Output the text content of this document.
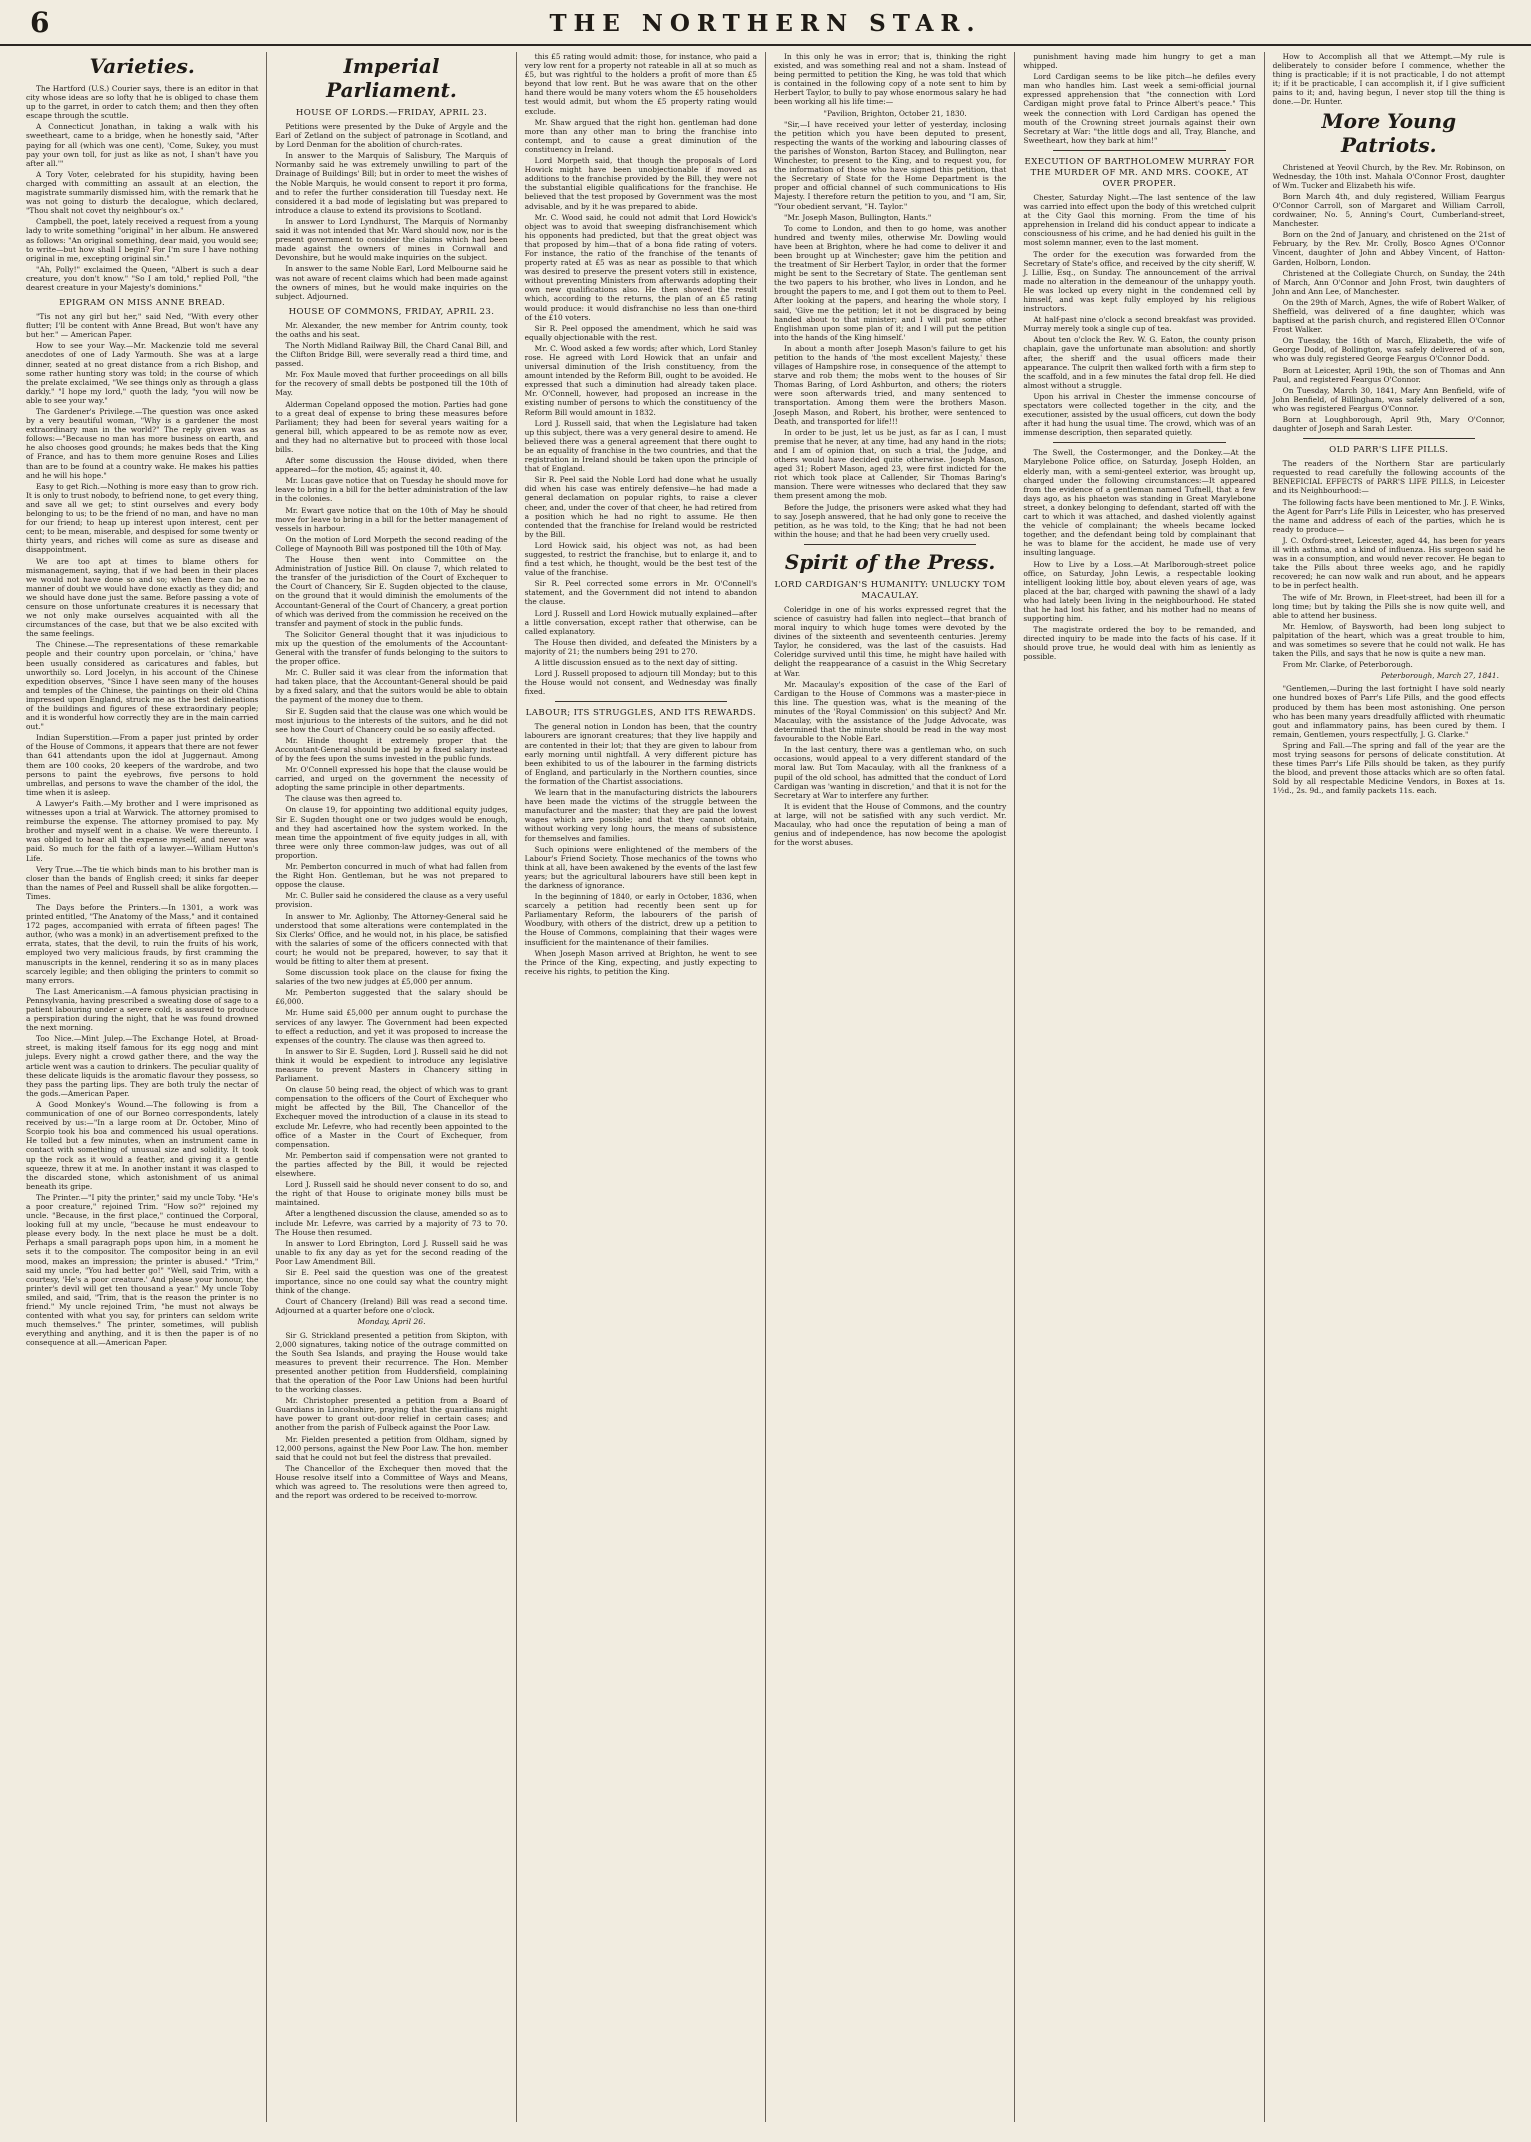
6	THE NORTHERN STAR.
Varieties.
The Hartford (U.S.) Courier says, there is an editor in that city whose ideas are so lofty that he is obliged to chase them up to the garret, in order to catch them; and then they often escape through the scuttle.
A Connecticut Jonathan, in taking a walk with his sweetheart, came to a bridge, when he honestly said, "After paying for all (which was one cent), 'Come, Sukey, you must pay your own toll, for just as like as not, I shan't have you after all.'"
A Tory Voter, celebrated for his stupidity, having been charged with committing an assault at an election, the magistrate summarily dismissed him, with the remark that he was not going to disturb the decalogue, which declared, "Thou shalt not covet thy neighbour's ox."
Campbell, the poet, lately received a request from a young lady to write something "original" in her album. He answered as follows: "An original something, dear maid, you would see; to write—but how shall I begin? For I'm sure I have nothing original in me, excepting original sin."
"Ah, Polly!" exclaimed the Queen, "Albert is such a dear creature, you don't know." "So I am told," replied Poll, "the dearest creature in your Majesty's dominions."
EPIGRAM ON MISS ANNE BREAD.
"Tis not any girl but her," said Ned, "With every other flutter; I'll be content with Anne Bread, But won't have any but her." — American Paper.
How to see your Way.—Mr. Mackenzie told me several anecdotes of one of Lady Yarmouth. She was at a large dinner, seated at no great distance from a rich Bishop, and some rather hunting story was told; in the course of which the prelate exclaimed, "We see things only as through a glass darkly." "I hope my lord," quoth the lady, "you will now be able to see your way."
The Gardener's Privilege.—The question was once asked by a very beautiful woman, "Why is a gardener the most extraordinary man in the world?" The reply given was as follows:—"Because no man has more business on earth, and he also chooses good grounds; he makes beds that the King of France, and has to them more genuine Roses and Lilies than are to be found at a country wake. He makes his patties and he will his hope."
Easy to get Rich.—Nothing is more easy than to grow rich. It is only to trust nobody, to befriend none, to get every thing, and save all we get; to stint ourselves and every body belonging to us; to be the friend of no man, and have no man for our friend; to heap up interest upon interest, cent per cent; to be mean, miserable, and despised for some twenty or thirty years, and riches will come as sure as disease and disappointment.
We are too apt at times to blame others for mismanagement, saying, that if we had been in their places we would not have done so and so; when there can be no manner of doubt we would have done exactly as they did; and we should have done just the same. Before passing a vote of censure on those unfortunate creatures it is necessary that we not only make ourselves acquainted with all the circumstances of the case, but that we be also excited with the same feelings.
The Chinese.—The representations of these remarkable people and their country upon porcelain, or 'china,' have been usually considered as caricatures and fables, but unworthily so. Lord Jocelyn, in his account of the Chinese expedition observes, "Since I have seen many of the houses and temples of the Chinese, the paintings on their old China impressed upon England, struck me as the best delineations of the buildings and figures of these extraordinary people; and it is wonderful how correctly they are in the main carried out."
Indian Superstition.—From a paper just printed by order of the House of Commons, it appears that there are not fewer than 641 attendants upon the idol at Juggernaut. Among them are 100 cooks, 20 keepers of the wardrobe, and two persons to paint the eyebrows, five persons to hold umbrellas, and persons to wave the chamber of the idol, the time when it is asleep.
A Lawyer's Faith.—My brother and I were imprisoned as witnesses upon a trial at Warwick. The attorney promised to reimburse the expense. The attorney promised to pay. My brother and myself went in a chaise. We were thereunto. I was obliged to hear all the expense myself, and never was paid. So much for the faith of a lawyer.—William Hutton's Life.
Very True.—The tie which binds man to his brother man is closer than the bands of English creed; it sinks far deeper than the names of Peel and Russell shall be alike forgotten.—Times.
The Days before the Printers.—In 1301, a work was printed entitled, "The Anatomy of the Mass," and it contained 172 pages, accompanied with errata of fifteen pages! The author, (who was a monk) in an advertisement prefixed to the errata, states, that the devil, to ruin the fruits of his work, employed two very malicious frauds, by first cramming the manuscripts in the kennel, rendering it so as in many places scarcely legible; and then obliging the printers to commit so many errors.
The Last Americanism.—A famous physician practising in Pennsylvania, having prescribed a sweating dose of sage to a patient labouring under a severe cold, is assured to produce a perspiration during the night, that he was found drowned the next morning.
Too Nice.—Mint Julep.—The Exchange Hotel, at Broad-street, is making itself famous for its egg nogg and mint juleps. Every night a crowd gather there, and the way the article went was a caution to drinkers. The peculiar quality of these delicate liquids is the aromatic flavour they possess, so they pass the parting lips. They are both truly the nectar of the gods.—American Paper.
A Good Monkey's Wound.—The following is from a communication of one of our Borneo correspondents, lately received by us:—"In a large room at Dr. October, Mino of Scorpio took his boa and commenced his usual operations. He tolled but a few minutes, when an instrument came in contact with something of unusual size and solidity. It took up the rock as it would a feather, and giving it a gentle squeeze, threw it at me. In another instant it was clasped to the discarded stone, which astonishment of us animal beneath its gripe.
The Printer.—"I pity the printer," said my uncle Toby. "He's a poor creature," rejoined Trim. "How so?" rejoined my uncle. "Because, in the first place," continued the Corporal, looking full at my uncle, "because he must endeavour to please every body. In the next place he must be a dolt. Perhaps a small paragraph pops upon him, in a moment he sets it to the compositor. The compositor being in an evil mood, makes an impression; the printer is abused." "Trim," said my uncle, "You had better go!" "Well, said Trim, with a courtesy, 'He's a poor creature.' And please your honour, the printer's devil will get ten thousand a year." My uncle Toby smiled, and said, "Trim, that is the reason the printer is no friend." My uncle rejoined Trim, "he must not always be contented with what you say, for printers can seldom write much themselves." The printer, sometimes, will publish everything and anything, and it is then the paper is of no consequence at all.—American Paper.
Imperial Parliament.
HOUSE OF LORDS.—FRIDAY, APRIL 23.
Petitions were presented by the Duke of Argyle and the Earl of Zetland on the subject of patronage in Scotland, and by Lord Denman for the abolition of church-rates.
In answer to the Marquis of Salisbury, The Marquis of Normanby said he was extremely unwilling to part of the Drainage of Buildings' Bill; but in order to meet the wishes of the Noble Marquis, he would consent to report it pro forma, and to refer the further consideration till Tuesday next. He considered it a bad mode of legislating but was prepared to introduce a clause to extend its provisions to Scotland.
In answer to Lord Lyndhurst, The Marquis of Normanby said it was not intended that Mr. Ward should now, nor is the present government to consider the claims which had been made against the owners of mines in Cornwall and Devonshire, but he would make inquiries on the subject.
In answer to the same Noble Earl, Lord Melbourne said he was not aware of recent claims which had been made against the owners of mines, but he would make inquiries on the subject. Adjourned.
HOUSE OF COMMONS, FRIDAY, APRIL 23.
Mr. Alexander, the new member for Antrim county, took the oaths and his seat.
The North Midland Railway Bill, the Chard Canal Bill, and the Clifton Bridge Bill, were severally read a third time, and passed.
Mr. Fox Maule moved that further proceedings on all bills for the recovery of small debts be postponed till the 10th of May.
Alderman Copeland opposed the motion. Parties had gone to a great deal of expense to bring these measures before Parliament; they had been for several years waiting for a general bill, which appeared to be as remote now as ever, and they had no alternative but to proceed with those local bills.
After some discussion the House divided, when there appeared—for the motion, 45; against it, 40.
Mr. Lucas gave notice that on Tuesday he should move for leave to bring in a bill for the better administration of the law in the colonies.
Mr. Ewart gave notice that on the 10th of May he should move for leave to bring in a bill for the better management of vessels in harbour.
On the motion of Lord Morpeth the second reading of the College of Maynooth Bill was postponed till the 10th of May.
The House then went into Committee on the Administration of Justice Bill. On clause 7, which related to the transfer of the jurisdiction of the Court of Exchequer to the Court of Chancery, Sir E. Sugden objected to the clause, on the ground that it would diminish the emoluments of the Accountant-General of the Court of Chancery, a great portion of which was derived from the commission he received on the transfer and payment of stock in the public funds.
The Solicitor General thought that it was injudicious to mix up the question of the emoluments of the Accountant-General with the transfer of funds belonging to the suitors to the proper office.
Mr. C. Buller said it was clear from the information that had taken place, that the Accountant-General should be paid by a fixed salary, and that the suitors would be able to obtain the payment of the money due to them.
Sir E. Sugden said that the clause was one which would be most injurious to the interests of the suitors, and he did not see how the Court of Chancery could be so easily affected.
Mr. Hinde thought it extremely proper that the Accountant-General should be paid by a fixed salary instead of by the fees upon the sums invested in the public funds.
Mr. O'Connell expressed his hope that the clause would be carried, and urged on the government the necessity of adopting the same principle in other departments.
The clause was then agreed to.
On clause 19, for appointing two additional equity judges, Sir E. Sugden thought one or two judges would be enough, and they had ascertained how the system worked. In the mean time the appointment of five equity judges in all, with three were only three common-law judges, was out of all proportion.
Mr. Pemberton concurred in much of what had fallen from the Right Hon. Gentleman, but he was not prepared to oppose the clause.
Mr. C. Buller said he considered the clause as a very useful provision.
In answer to Mr. Aglionby, The Attorney-General said he understood that some alterations were contemplated in the Six Clerks' Office, and he would not, in his place, be satisfied with the salaries of some of the officers connected with that court; he would not be prepared, however, to say that it would be fitting to alter them at present.
Some discussion took place on the clause for fixing the salaries of the two new judges at £5,000 per annum.
Mr. Pemberton suggested that the salary should be £6,000.
Mr. Hume said £5,000 per annum ought to purchase the services of any lawyer. The Government had been expected to effect a reduction, and yet it was proposed to increase the expenses of the country. The clause was then agreed to.
In answer to Sir E. Sugden, Lord J. Russell said he did not think it would be expedient to introduce any legislative measure to prevent Masters in Chancery sitting in Parliament.
On clause 50 being read, the object of which was to grant compensation to the officers of the Court of Exchequer who might be affected by the Bill, The Chancellor of the Exchequer moved the introduction of a clause in its stead to exclude Mr. Lefevre, who had recently been appointed to the office of a Master in the Court of Exchequer, from compensation.
Mr. Pemberton said if compensation were not granted to the parties affected by the Bill, it would be rejected elsewhere.
Lord J. Russell said he should never consent to do so, and the right of that House to originate money bills must be maintained.
After a lengthened discussion the clause, amended so as to include Mr. Lefevre, was carried by a majority of 73 to 70. The House then resumed.
In answer to Lord Ebrington, Lord J. Russell said he was unable to fix any day as yet for the second reading of the Poor Law Amendment Bill.
Sir E. Peel said the question was one of the greatest importance, since no one could say what the country might think of the change.
Court of Chancery (Ireland) Bill was read a second time. Adjourned at a quarter before one o'clock.
Monday, April 26.
Sir G. Strickland presented a petition from Skipton, with 2,000 signatures, taking notice of the outrage committed on the South Sea Islands, and praying the House would take measures to prevent their recurrence. The Hon. Member presented another petition from Huddersfield, complaining that the operation of the Poor Law Unions had been hurtful to the working classes.
Mr. Christopher presented a petition from a Board of Guardians in Lincolnshire, praying that the guardians might have power to grant out-door relief in certain cases; and another from the parish of Fulbeck against the Poor Law.
Mr. Fielden presented a petition from Oldham, signed by 12,000 persons, against the New Poor Law. The hon. member said that he could not but feel the distress that prevailed.
The Chancellor of the Exchequer then moved that the House resolve itself into a Committee of Ways and Means, which was agreed to. The resolutions were then agreed to, and the report was ordered to be received to-morrow.
this £5 rating would admit: those, for instance, who paid a very low rent for a property not rateable in all at so much as £5, but was rightful to the holders a profit of more than £5 beyond that low rent. But he was aware that on the other hand there would be many voters whom the £5 householders test would admit, but whom the £5 property rating would exclude.
Mr. Shaw argued that the right hon. gentleman had done more than any other man to bring the franchise into contempt, and to cause a great diminution of the constituency in Ireland.
Lord Morpeth said, that though the proposals of Lord Howick might have been unobjectionable if moved as additions to the franchise provided by the Bill, they were not the substantial eligible qualifications for the franchise. He believed that the test proposed by Government was the most advisable, and by it he was prepared to abide.
Mr. C. Wood said, he could not admit that Lord Howick's object was to avoid that sweeping disfranchisement which his opponents had predicted, but that the great object was that proposed by him—that of a bona fide rating of voters. For instance, the ratio of the franchise of the tenants of property rated at £5 was as near as possible to that which was desired to preserve the present voters still in existence, without preventing Ministers from afterwards adopting their own new qualifications also. He then showed the result which, according to the returns, the plan of an £5 rating would produce: it would disfranchise no less than one-third of the £10 voters.
Sir R. Peel opposed the amendment, which he said was equally objectionable with the rest.
Mr. C. Wood asked a few words; after which, Lord Stanley rose. He agreed with Lord Howick that an unfair and universal diminution of the Irish constituency, from the amount intended by the Reform Bill, ought to be avoided. He expressed that such a diminution had already taken place. Mr. O'Connell, however, had proposed an increase in the existing number of persons to which the constituency of the Reform Bill would amount in 1832.
Lord J. Russell said, that when the Legislature had taken up this subject, there was a very general desire to amend. He believed there was a general agreement that there ought to be an equality of franchise in the two countries, and that the registration in Ireland should be taken upon the principle of that of England.
Sir R. Peel said the Noble Lord had done what he usually did when his case was entirely defensive—he had made a general declamation on popular rights, to raise a clever cheer, and, under the cover of that cheer, he had retired from a position which he had no right to assume. He then contended that the franchise for Ireland would be restricted by the Bill.
Lord Howick said, his object was not, as had been suggested, to restrict the franchise, but to enlarge it, and to find a test which, he thought, would be the best test of the value of the franchise.
Sir R. Peel corrected some errors in Mr. O'Connell's statement, and the Government did not intend to abandon the clause.
Lord J. Russell and Lord Howick mutually explained—after a little conversation, except rather that otherwise, can be called explanatory.
The House then divided, and defeated the Ministers by a majority of 21; the numbers being 291 to 270.
A little discussion ensued as to the next day of sitting.
Lord J. Russell proposed to adjourn till Monday; but to this the House would not consent, and Wednesday was finally fixed.
LABOUR; ITS STRUGGLES, AND ITS REWARDS.
The general notion in London has been, that the country labourers are ignorant creatures; that they live happily and are contented in their lot; that they are given to labour from early morning until nightfall. A very different picture has been exhibited to us of the labourer in the farming districts of England, and particularly in the Northern counties, since the formation of the Chartist associations.
We learn that in the manufacturing districts the labourers have been made the victims of the struggle between the manufacturer and the master; that they are paid the lowest wages which are possible; and that they cannot obtain, without working very long hours, the means of subsistence for themselves and families.
Such opinions were enlightened of the members of the Labour's Friend Society. Those mechanics of the towns who think at all, have been awakened by the events of the last few years; but the agricultural labourers have still been kept in the darkness of ignorance.
In the beginning of 1840, or early in October, 1836, when scarcely a petition had recently been sent up for Parliamentary Reform, the labourers of the parish of Woodbury, with others of the district, drew up a petition to the House of Commons, complaining that their wages were insufficient for the maintenance of their families.
When Joseph Mason arrived at Brighton, he went to see the Prince of the King, expecting, and justly expecting to receive his rights, to petition the King.
In this only he was in error; that is, thinking the right existed, and was something real and not a sham. Instead of being permitted to petition the King, he was told that which is contained in the following copy of a note sent to him by Herbert Taylor, to bully to pay whose enormous salary he had been working all his life time:—
"Pavilion, Brighton, October 21, 1830.
"Sir,—I have received your letter of yesterday, inclosing the petition which you have been deputed to present, respecting the wants of the working and labouring classes of the parishes of Wonston, Barton Stacey, and Bullington, near Winchester, to present to the King, and to request you, for the information of those who have signed this petition, that the Secretary of State for the Home Department is the proper and official channel of such communications to His Majesty. I therefore return the petition to you, and "I am, Sir, "Your obedient servant, "H. Taylor."
"Mr. Joseph Mason, Bullington, Hants."
To come to London, and then to go home, was another hundred and twenty miles, otherwise Mr. Dowling would have been at Brighton, where he had come to deliver it and been brought up at Winchester; gave him the petition and the treatment of Sir Herbert Taylor, in order that the former might be sent to the Secretary of State. The gentleman sent the two papers to his brother, who lives in London, and he brought the papers to me, and I got them out to them to Peel. After looking at the papers, and hearing the whole story, I said, 'Give me the petition; let it not be disgraced by being handed about to that minister; and I will put some other Englishman upon some plan of it; and I will put the petition into the hands of the King himself.'
In about a month after Joseph Mason's failure to get his petition to the hands of 'the most excellent Majesty,' these villages of Hampshire rose, in consequence of the attempt to starve and rob them; the mobs went to the houses of Sir Thomas Baring, of Lord Ashburton, and others; the rioters were soon afterwards tried, and many sentenced to transportation. Among them were the brothers Mason. Joseph Mason, and Robert, his brother, were sentenced to Death, and transported for life!!!
In order to be just, let us be just, as far as I can, I must premise that he never, at any time, had any hand in the riots; and I am of opinion that, on such a trial, the Judge, and others would have decided quite otherwise. Joseph Mason, aged 31; Robert Mason, aged 23, were first indicted for the riot which took place at Callender, Sir Thomas Baring's mansion. There were witnesses who declared that they saw them present among the mob.
Before the Judge, the prisoners were asked what they had to say. Joseph answered, that he had only gone to receive the petition, as he was told, to the King; that he had not been within the house; and that he had been very cruelly used.
Spirit of the Press.
LORD CARDIGAN'S HUMANITY: UNLUCKY TOM MACAULAY.
Coleridge in one of his works expressed regret that the science of casuistry had fallen into neglect—that branch of moral inquiry to which huge tomes were devoted by the divines of the sixteenth and seventeenth centuries. Jeremy Taylor, he considered, was the last of the casuists. Had Coleridge survived until this time, he might have hailed with delight the reappearance of a casuist in the Whig Secretary at War.
Mr. Macaulay's exposition of the case of the Earl of Cardigan to the House of Commons was a master-piece in this line. The question was, what is the meaning of the minutes of the 'Royal Commission' on this subject? And Mr. Macaulay, with the assistance of the Judge Advocate, was determined that the minute should be read in the way most favourable to the Noble Earl.
In the last century, there was a gentleman who, on such occasions, would appeal to a very different standard of the moral law. But Tom Macaulay, with all the frankness of a pupil of the old school, has admitted that the conduct of Lord Cardigan was 'wanting in discretion,' and that it is not for the Secretary at War to interfere any further.
It is evident that the House of Commons, and the country at large, will not be satisfied with any such verdict. Mr. Macaulay, who had once the reputation of being a man of genius and of independence, has now become the apologist for the worst abuses.
punishment having made him hungry to get a man whipped.
Lord Cardigan seems to be like pitch—he defiles every man who handles him. Last week a semi-official journal expressed apprehension that "the connection with Lord Cardigan might prove fatal to Prince Albert's peace." This week the connection with Lord Cardigan has opened the mouth of the Crowning street journals against their own Secretary at War: "the little dogs and all, Tray, Blanche, and Sweetheart, how they bark at him!"
EXECUTION OF BARTHOLOMEW MURRAY FOR THE MURDER OF MR. AND MRS. COOKE, AT OVER PROPER.
Chester, Saturday Night.—The last sentence of the law was carried into effect upon the body of this wretched culprit at the City Gaol this morning. From the time of his apprehension in Ireland did his conduct appear to indicate a consciousness of his crime, and he had denied his guilt in the most solemn manner, even to the last moment.
The order for the execution was forwarded from the Secretary of State's office, and received by the city sheriff, W. J. Lillie, Esq., on Sunday. The announcement of the arrival made no alteration in the demeanour of the unhappy youth. He was locked up every night in the condemned cell by himself, and was kept fully employed by his religious instructors.
At half-past nine o'clock a second breakfast was provided. Murray merely took a single cup of tea.
About ten o'clock the Rev. W. G. Eaton, the county prison chaplain, gave the unfortunate man absolution: and shortly after, the sheriff and the usual officers made their appearance. The culprit then walked forth with a firm step to the scaffold, and in a few minutes the fatal drop fell. He died almost without a struggle.
Upon his arrival in Chester the immense concourse of spectators were collected together in the city, and the executioner, assisted by the usual officers, cut down the body after it had hung the usual time. The crowd, which was of an immense description, then separated quietly.
The Swell, the Costermonger, and the Donkey.—At the Marylebone Police office, on Saturday, Joseph Holden, an elderly man, with a semi-genteel exterior, was brought up, charged under the following circumstances:—It appeared from the evidence of a gentleman named Tufnell, that a few days ago, as his phaeton was standing in Great Marylebone street, a donkey belonging to defendant, started off with the cart to which it was attached, and dashed violently against the vehicle of complainant; the wheels became locked together, and the defendant being told by complainant that he was to blame for the accident, he made use of very insulting language.
How to Live by a Loss.—At Marlborough-street police office, on Saturday, John Lewis, a respectable looking intelligent looking little boy, about eleven years of age, was placed at the bar, charged with pawning the shawl of a lady who had lately been living in the neighbourhood. He stated that he had lost his father, and his mother had no means of supporting him.
The magistrate ordered the boy to be remanded, and directed inquiry to be made into the facts of his case. If it should prove true, he would deal with him as leniently as possible.
How to Accomplish all that we Attempt.—My rule is deliberately to consider before I commence, whether the thing is practicable; if it is not practicable, I do not attempt it; if it be practicable, I can accomplish it, if I give sufficient pains to it; and, having begun, I never stop till the thing is done.—Dr. Hunter.
More Young Patriots.
Christened at Yeovil Church, by the Rev. Mr. Robinson, on Wednesday, the 10th inst. Mahala O'Connor Frost, daughter of Wm. Tucker and Elizabeth his wife.
Born March 4th, and duly registered, William Feargus O'Connor Carroll, son of Margaret and William Carroll, cordwainer, No. 5, Anning's Court, Cumberland-street, Manchester.
Born on the 2nd of January, and christened on the 21st of February, by the Rev. Mr. Crolly, Bosco Agnes O'Connor Vincent, daughter of John and Abbey Vincent, of Hatton-Garden, Holborn, London.
Christened at the Collegiate Church, on Sunday, the 24th of March, Ann O'Connor and John Frost, twin daughters of John and Ann Lee, of Manchester.
On the 29th of March, Agnes, the wife of Robert Walker, of Sheffield, was delivered of a fine daughter, which was baptised at the parish church, and registered Ellen O'Connor Frost Walker.
On Tuesday, the 16th of March, Elizabeth, the wife of George Dodd, of Bollington, was safely delivered of a son, who was duly registered George Feargus O'Connor Dodd.
Born at Leicester, April 19th, the son of Thomas and Ann Paul, and registered Feargus O'Connor.
On Tuesday, March 30, 1841, Mary Ann Benfield, wife of John Benfield, of Billingham, was safely delivered of a son, who was registered Feargus O'Connor.
Born at Loughborough, April 9th, Mary O'Connor, daughter of Joseph and Sarah Lester.
OLD PARR'S LIFE PILLS.
The readers of the Northern Star are particularly requested to read carefully the following accounts of the BENEFICIAL EFFECTS of PARR'S LIFE PILLS, in Leicester and its Neighbourhood:—
The following facts have been mentioned to Mr. J. F. Winks, the Agent for Parr's Life Pills in Leicester, who has preserved the name and address of each of the parties, which he is ready to produce—
J. C. Oxford-street, Leicester, aged 44, has been for years ill with asthma, and a kind of influenza. His surgeon said he was in a consumption, and would never recover. He began to take the Pills about three weeks ago, and he rapidly recovered; he can now walk and run about, and he appears to be in perfect health.
The wife of Mr. Brown, in Fleet-street, had been ill for a long time; but by taking the Pills she is now quite well, and able to attend her business.
Mr. Hemlow, of Baysworth, had been long subject to palpitation of the heart, which was a great trouble to him, and was sometimes so severe that he could not walk. He has taken the Pills, and says that he now is quite a new man.
From Mr. Clarke, of Peterborough.
Peterborough, March 27, 1841.
"Gentlemen,—During the last fortnight I have sold nearly one hundred boxes of Parr's Life Pills, and the good effects produced by them has been most astonishing. One person who has been many years dreadfully afflicted with rheumatic gout and inflammatory pains, has been cured by them. I remain, Gentlemen, yours respectfully, J. G. Clarke."
Spring and Fall.—The spring and fall of the year are the most trying seasons for persons of delicate constitution. At these times Parr's Life Pills should be taken, as they purify the blood, and prevent those attacks which are so often fatal. Sold by all respectable Medicine Vendors, in Boxes at 1s. 1½d., 2s. 9d., and family packets 11s. each.
